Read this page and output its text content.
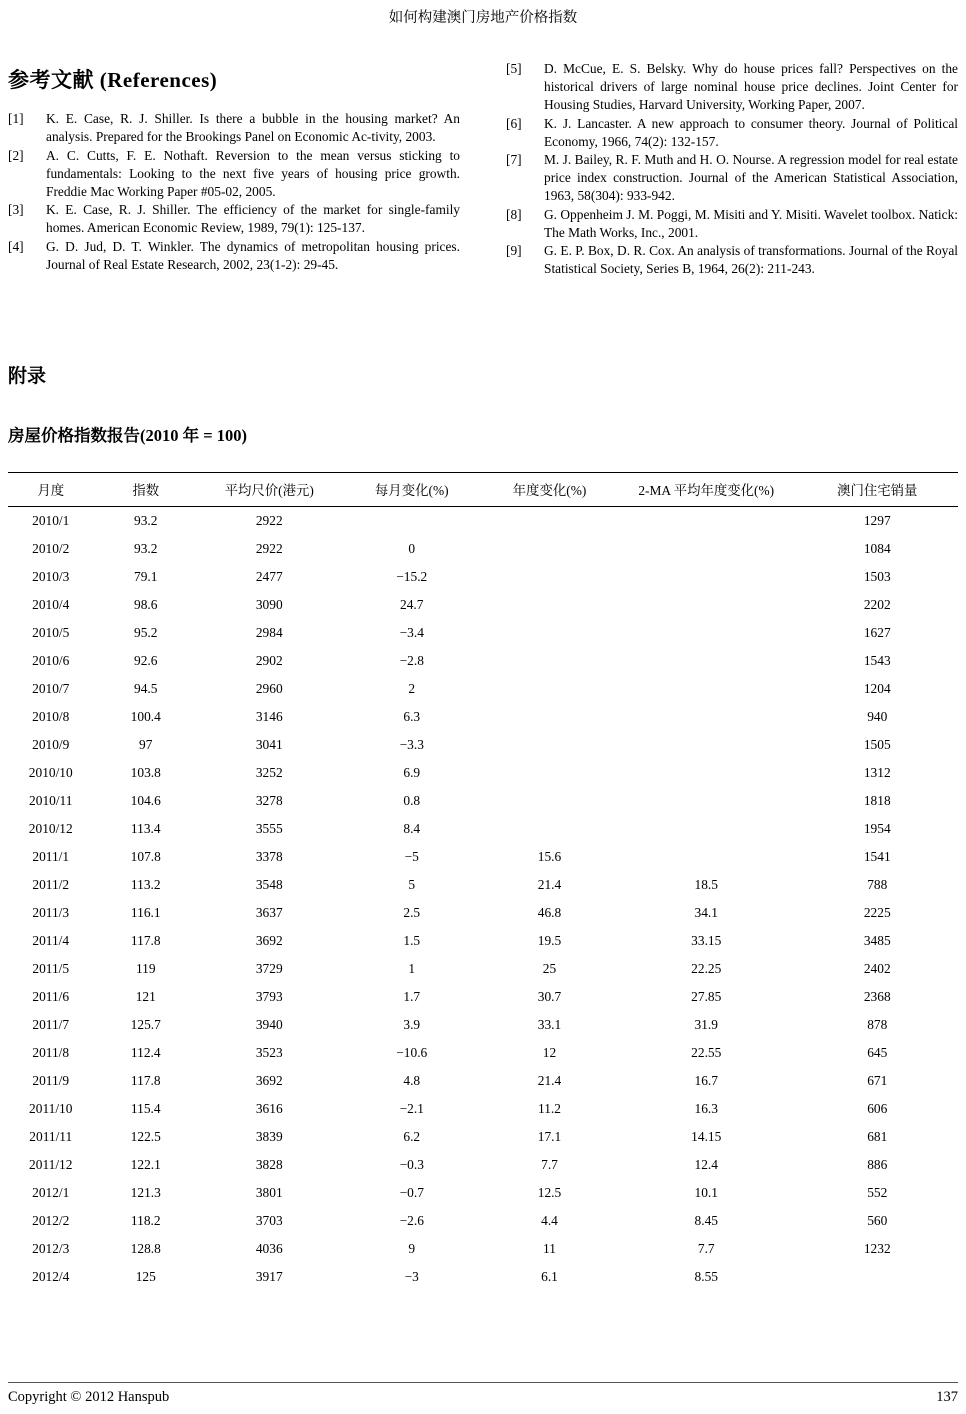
如何构建澳门房地产价格指数
参考文献 (References)
[1]	K. E. Case, R. J. Shiller. Is there a bubble in the housing market? An analysis. Prepared for the Brookings Panel on Economic Ac-tivity, 2003.
[2]	A. C. Cutts, F. E. Nothaft. Reversion to the mean versus sticking to fundamentals: Looking to the next five years of housing price growth. Freddie Mac Working Paper #05-02, 2005.
[3]	K. E. Case, R. J. Shiller. The efficiency of the market for single-family homes. American Economic Review, 1989, 79(1): 125-137.
[4]	G. D. Jud, D. T. Winkler. The dynamics of metropolitan housing prices. Journal of Real Estate Research, 2002, 23(1-2): 29-45.
[5]	D. McCue, E. S. Belsky. Why do house prices fall? Perspectives on the historical drivers of large nominal house price declines. Joint Center for Housing Studies, Harvard University, Working Paper, 2007.
[6]	K. J. Lancaster. A new approach to consumer theory. Journal of Political Economy, 1966, 74(2): 132-157.
[7]	M. J. Bailey, R. F. Muth and H. O. Nourse. A regression model for real estate price index construction. Journal of the American Statistical Association, 1963, 58(304): 933-942.
[8]	G. Oppenheim J. M. Poggi, M. Misiti and Y. Misiti. Wavelet toolbox. Natick: The Math Works, Inc., 2001.
[9]	G. E. P. Box, D. R. Cox. An analysis of transformations. Journal of the Royal Statistical Society, Series B, 1964, 26(2): 211-243.
附录
房屋价格指数报告(2010 年 = 100)
月度	指数	平均尺价(港元)	每月变化(%)	年度变化(%)	2-MA 平均年度变化(%)	澳门住宅销量
2010/1	93.2	2922				1297
2010/2	93.2	2922	0			1084
2010/3	79.1	2477	−15.2			1503
2010/4	98.6	3090	24.7			2202
2010/5	95.2	2984	−3.4			1627
2010/6	92.6	2902	−2.8			1543
2010/7	94.5	2960	2			1204
2010/8	100.4	3146	6.3			940
2010/9	97	3041	−3.3			1505
2010/10	103.8	3252	6.9			1312
2010/11	104.6	3278	0.8			1818
2010/12	113.4	3555	8.4			1954
2011/1	107.8	3378	−5	15.6		1541
2011/2	113.2	3548	5	21.4	18.5	788
2011/3	116.1	3637	2.5	46.8	34.1	2225
2011/4	117.8	3692	1.5	19.5	33.15	3485
2011/5	119	3729	1	25	22.25	2402
2011/6	121	3793	1.7	30.7	27.85	2368
2011/7	125.7	3940	3.9	33.1	31.9	878
2011/8	112.4	3523	−10.6	12	22.55	645
2011/9	117.8	3692	4.8	21.4	16.7	671
2011/10	115.4	3616	−2.1	11.2	16.3	606
2011/11	122.5	3839	6.2	17.1	14.15	681
2011/12	122.1	3828	−0.3	7.7	12.4	886
2012/1	121.3	3801	−0.7	12.5	10.1	552
2012/2	118.2	3703	−2.6	4.4	8.45	560
2012/3	128.8	4036	9	11	7.7	1232
2012/4	125	3917	−3	6.1	8.55	
Copyright © 2012 Hanspub	137
